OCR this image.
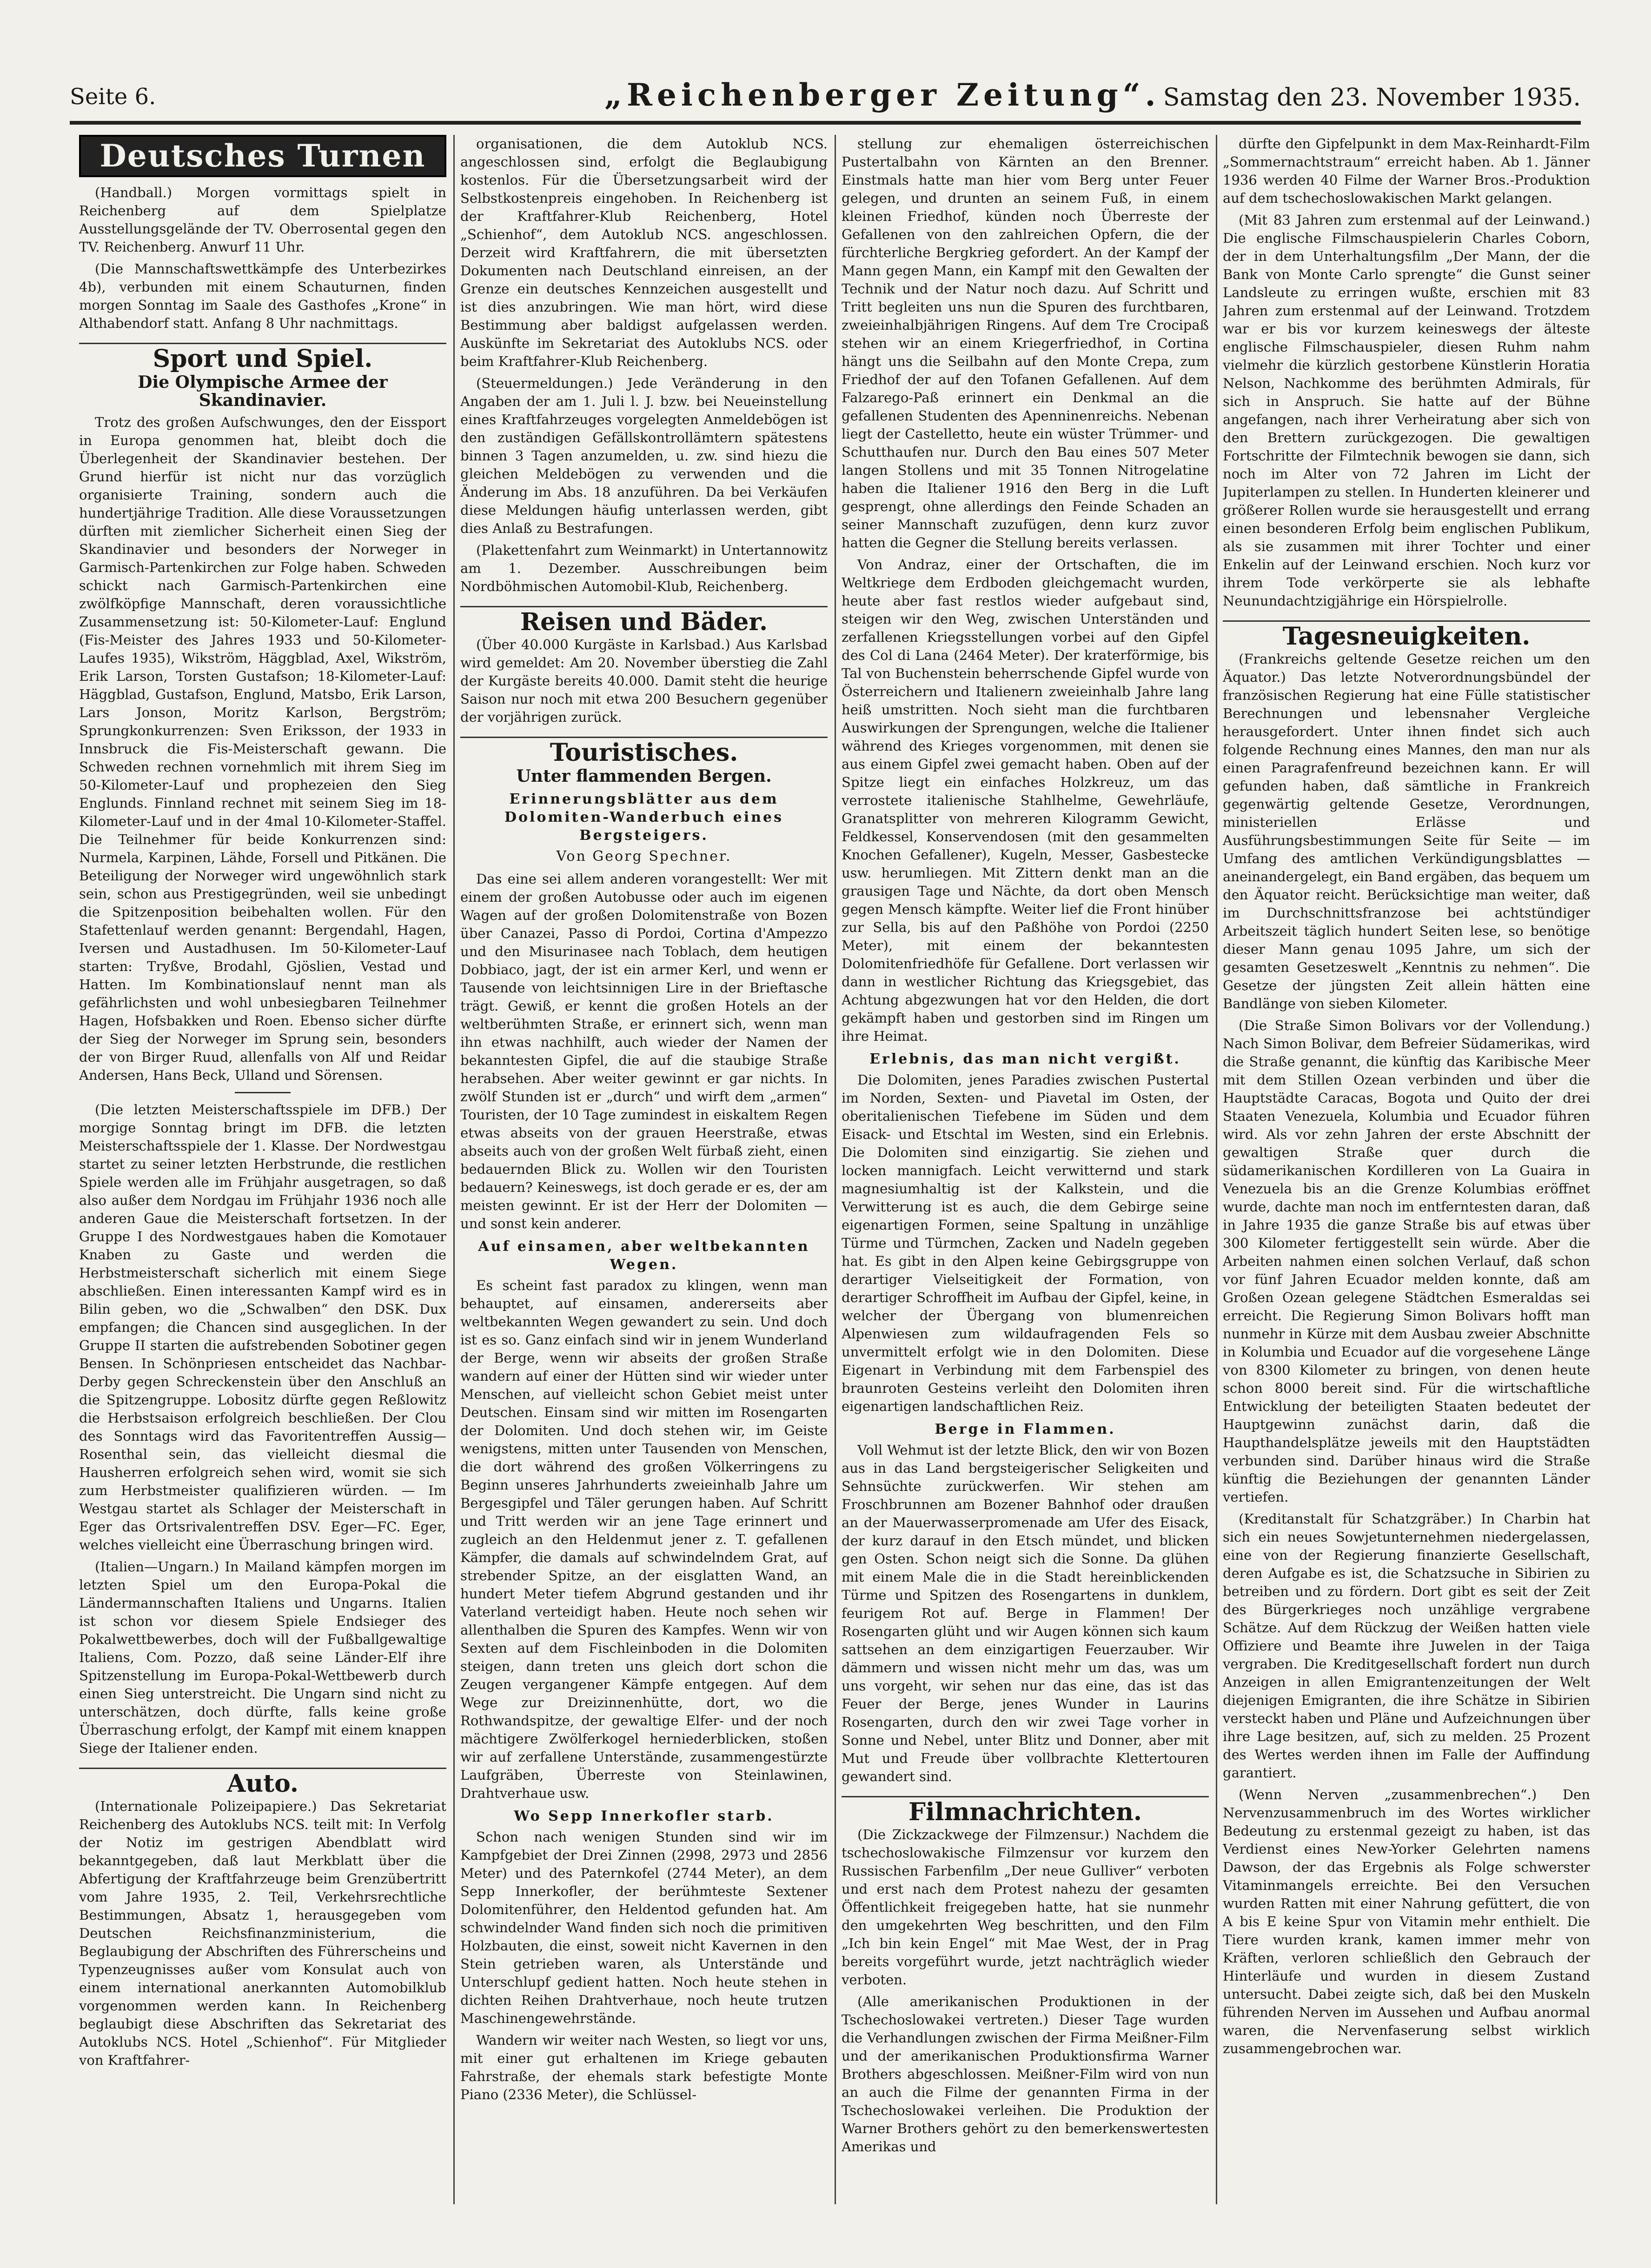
Seite 6.	„Reichenberger Zeitung“. Samstag den 23. November 1935.
Deutsches Turnen

(Handball.) Morgen vormittags spielt in Reichenberg auf dem Spielplatze Ausstellungsgelände der TV. Oberrosental gegen den TV. Reichenberg. Anwurf 11 Uhr.

(Die Mannschaftswettkämpfe des Unterbezirkes 4b), verbunden mit einem Schauturnen, finden morgen Sonntag im Saale des Gasthofes „Krone“ in Althabendorf statt. Anfang 8 Uhr nachmittags.

Sport und Spiel.
Die Olympische Armee der Skandinavier.

Trotz des großen Aufschwunges, den der Eissport in Europa genommen hat, bleibt doch die Überlegenheit der Skandinavier bestehen. Der Grund hierfür ist nicht nur das vorzüglich organisierte Training, sondern auch die hundertjährige Tradition. Alle diese Voraussetzungen dürften mit ziemlicher Sicherheit einen Sieg der Skandinavier und besonders der Norweger in Garmisch-Partenkirchen zur Folge haben. Schweden schickt nach Garmisch-Partenkirchen eine zwölfköpfige Mannschaft, deren voraussichtliche Zusammensetzung ist: 50-Kilometer-Lauf: Englund (Fis-Meister des Jahres 1933 und 50-Kilometer-Laufes 1935), Wikström, Häggblad, Axel, Wikström, Erik Larson, Torsten Gustafson; 18-Kilometer-Lauf: Häggblad, Gustafson, Englund, Matsbo, Erik Larson, Lars Jonson, Moritz Karlson, Bergström; Sprungkonkurrenzen: Sven Eriksson, der 1933 in Innsbruck die Fis-Meisterschaft gewann. Die Schweden rechnen vornehmlich mit ihrem Sieg im 50-Kilometer-Lauf und prophezeien den Sieg Englunds. Finnland rechnet mit seinem Sieg im 18-Kilometer-Lauf und in der 4mal 10-Kilometer-Staffel. Die Teilnehmer für beide Konkurrenzen sind: Nurmela, Karpinen, Lähde, Forsell und Pitkänen. Die Beteiligung der Norweger wird ungewöhnlich stark sein, schon aus Prestigegründen, weil sie unbedingt die Spitzenposition beibehalten wollen. Für den Stafettenlauf werden genannt: Bergendahl, Hagen, Iversen und Austadhusen. Im 50-Kilometer-Lauf starten: Tryßve, Brodahl, Gjöslien, Vestad und Hatten. Im Kombinationslauf nennt man als gefährlichsten und wohl unbesiegbaren Teilnehmer Hagen, Hofsbakken und Roen. Ebenso sicher dürfte der Sieg der Norweger im Sprung sein, besonders der von Birger Ruud, allenfalls von Alf und Reidar Andersen, Hans Beck, Ulland und Sörensen.

(Die letzten Meisterschaftsspiele im DFB.) Der morgige Sonntag bringt im DFB. die letzten Meisterschaftsspiele der 1. Klasse. Der Nordwestgau startet zu seiner letzten Herbstrunde, die restlichen Spiele werden alle im Frühjahr ausgetragen, so daß also außer dem Nordgau im Frühjahr 1936 noch alle anderen Gaue die Meisterschaft fortsetzen. In der Gruppe I des Nordwestgaues haben die Komotauer Knaben zu Gaste und werden die Herbstmeisterschaft sicherlich mit einem Siege abschließen. Einen interessanten Kampf wird es in Bilin geben, wo die „Schwalben“ den DSK. Dux empfangen; die Chancen sind ausgeglichen. In der Gruppe II starten die aufstrebenden Sobotiner gegen Bensen. In Schönpriesen entscheidet das Nachbar-Derby gegen Schreckenstein über den Anschluß an die Spitzengruppe. Lobositz dürfte gegen Reßlowitz die Herbstsaison erfolgreich beschließen. Der Clou des Sonntags wird das Favoritentreffen Aussig—Rosenthal sein, das vielleicht diesmal die Hausherren erfolgreich sehen wird, womit sie sich zum Herbstmeister qualifizieren würden. — Im Westgau startet als Schlager der Meisterschaft in Eger das Ortsrivalentreffen DSV. Eger—FC. Eger, welches vielleicht eine Überraschung bringen wird.

(Italien—Ungarn.) In Mailand kämpfen morgen im letzten Spiel um den Europa-Pokal die Ländermannschaften Italiens und Ungarns. Italien ist schon vor diesem Spiele Endsieger des Pokalwettbewerbes, doch will der Fußballgewaltige Italiens, Com. Pozzo, daß seine Länder-Elf ihre Spitzenstellung im Europa-Pokal-Wettbewerb durch einen Sieg unterstreicht. Die Ungarn sind nicht zu unterschätzen, doch dürfte, falls keine große Überraschung erfolgt, der Kampf mit einem knappen Siege der Italiener enden.

Auto.

(Internationale Polizeipapiere.) Das Sekretariat Reichenberg des Autoklubs NCS. teilt mit: In Verfolg der Notiz im gestrigen Abendblatt wird bekanntgegeben, daß laut Merkblatt über die Abfertigung der Kraftfahrzeuge beim Grenzübertritt vom Jahre 1935, 2. Teil, Verkehrsrechtliche Bestimmungen, Absatz 1, herausgegeben vom Deutschen Reichsfinanzministerium, die Beglaubigung der Abschriften des Führerscheins und Typenzeugnisses außer vom Konsulat auch von einem international anerkannten Automobilklub vorgenommen werden kann. In Reichenberg beglaubigt diese Abschriften das Sekretariat des Autoklubs NCS. Hotel „Schienhof“. Für Mitglieder von Kraftfahrer-

organisationen, die dem Autoklub NCS. angeschlossen sind, erfolgt die Beglaubigung kostenlos. Für die Übersetzungsarbeit wird der Selbstkostenpreis eingehoben. In Reichenberg ist der Kraftfahrer-Klub Reichenberg, Hotel „Schienhof“, dem Autoklub NCS. angeschlossen. Derzeit wird Kraftfahrern, die mit übersetzten Dokumenten nach Deutschland einreisen, an der Grenze ein deutsches Kennzeichen ausgestellt und ist dies anzubringen. Wie man hört, wird diese Bestimmung aber baldigst aufgelassen werden. Auskünfte im Sekretariat des Autoklubs NCS. oder beim Kraftfahrer-Klub Reichenberg.

(Steuermeldungen.) Jede Veränderung in den Angaben der am 1. Juli l. J. bzw. bei Neueinstellung eines Kraftfahrzeuges vorgelegten Anmeldebögen ist den zuständigen Gefällskontrollämtern spätestens binnen 3 Tagen anzumelden, u. zw. sind hiezu die gleichen Meldebögen zu verwenden und die Änderung im Abs. 18 anzuführen. Da bei Verkäufen diese Meldungen häufig unterlassen werden, gibt dies Anlaß zu Bestrafungen.

(Plakettenfahrt zum Weinmarkt) in Untertannowitz am 1. Dezember. Ausschreibungen beim Nordböhmischen Automobil-Klub, Reichenberg.

Reisen und Bäder.

(Über 40.000 Kurgäste in Karlsbad.) Aus Karlsbad wird gemeldet: Am 20. November überstieg die Zahl der Kurgäste bereits 40.000. Damit steht die heurige Saison nur noch mit etwa 200 Besuchern gegenüber der vorjährigen zurück.

Touristisches.
Unter flammenden Bergen.
Erinnerungsblätter aus dem Dolomiten-Wanderbuch eines Bergsteigers.
Von Georg Spechner.

Das eine sei allem anderen vorangestellt: Wer mit einem der großen Autobusse oder auch im eigenen Wagen auf der großen Dolomitenstraße von Bozen über Canazei, Passo di Pordoi, Cortina d'Ampezzo und den Misurinasee nach Toblach, dem heutigen Dobbiaco, jagt, der ist ein armer Kerl, und wenn er Tausende von leichtsinnigen Lire in der Brieftasche trägt. Gewiß, er kennt die großen Hotels an der weltberühmten Straße, er erinnert sich, wenn man ihn etwas nachhilft, auch wieder der Namen der bekanntesten Gipfel, die auf die staubige Straße herabsehen. Aber weiter gewinnt er gar nichts. In zwölf Stunden ist er „durch“ und wirft dem „armen“ Touristen, der 10 Tage zumindest in eiskaltem Regen etwas abseits von der grauen Heerstraße, etwas abseits auch von der großen Welt fürbaß zieht, einen bedauernden Blick zu. Wollen wir den Touristen bedauern? Keineswegs, ist doch gerade er es, der am meisten gewinnt. Er ist der Herr der Dolomiten — und sonst kein anderer.

Auf einsamen, aber weltbekannten Wegen.

Es scheint fast paradox zu klingen, wenn man behauptet, auf einsamen, andererseits aber weltbekannten Wegen gewandert zu sein. Und doch ist es so. Ganz einfach sind wir in jenem Wunderland der Berge, wenn wir abseits der großen Straße wandern auf einer der Hütten sind wir wieder unter Menschen, auf vielleicht schon Gebiet meist unter Deutschen. Einsam sind wir mitten im Rosengarten der Dolomiten. Und doch stehen wir, im Geiste wenigstens, mitten unter Tausenden von Menschen, die dort während des großen Völkerringens zu Beginn unseres Jahrhunderts zweieinhalb Jahre um Bergesgipfel und Täler gerungen haben. Auf Schritt und Tritt werden wir an jene Tage erinnert und zugleich an den Heldenmut jener z. T. gefallenen Kämpfer, die damals auf schwindelndem Grat, auf strebender Spitze, an der eisglatten Wand, an hundert Meter tiefem Abgrund gestanden und ihr Vaterland verteidigt haben. Heute noch sehen wir allenthalben die Spuren des Kampfes. Wenn wir von Sexten auf dem Fischleinboden in die Dolomiten steigen, dann treten uns gleich dort schon die Zeugen vergangener Kämpfe entgegen. Auf dem Wege zur Dreizinnenhütte, dort, wo die Rothwandspitze, der gewaltige Elfer- und der noch mächtigere Zwölferkogel herniederblicken, stoßen wir auf zerfallene Unterstände, zusammengestürzte Laufgräben, Überreste von Steinlawinen, Drahtverhaue usw.

Wo Sepp Innerkofler starb.

Schon nach wenigen Stunden sind wir im Kampfgebiet der Drei Zinnen (2998, 2973 und 2856 Meter) und des Paternkofel (2744 Meter), an dem Sepp Innerkofler, der berühmteste Sextener Dolomitenführer, den Heldentod gefunden hat. Am schwindelnder Wand finden sich noch die primitiven Holzbauten, die einst, soweit nicht Kavernen in den Stein getrieben waren, als Unterstände und Unterschlupf gedient hatten. Noch heute stehen in dichten Reihen Drahtverhaue, noch heute trutzen Maschinengewehrstände.

Wandern wir weiter nach Westen, so liegt vor uns, mit einer gut erhaltenen im Kriege gebauten Fahrstraße, der ehemals stark befestigte Monte Piano (2336 Meter), die Schlüssel-

stellung zur ehemaligen österreichischen Pustertalbahn von Kärnten an den Brenner. Einstmals hatte man hier vom Berg unter Feuer gelegen, und drunten an seinem Fuß, in einem kleinen Friedhof, künden noch Überreste der Gefallenen von den zahlreichen Opfern, die der fürchterliche Bergkrieg gefordert. An der Kampf der Mann gegen Mann, ein Kampf mit den Gewalten der Technik und der Natur noch dazu. Auf Schritt und Tritt begleiten uns nun die Spuren des furchtbaren, zweieinhalbjährigen Ringens. Auf dem Tre Crocipaß stehen wir an einem Kriegerfriedhof, in Cortina hängt uns die Seilbahn auf den Monte Crepa, zum Friedhof der auf den Tofanen Gefallenen. Auf dem Falzarego-Paß erinnert ein Denkmal an die gefallenen Studenten des Apenninenreichs. Nebenan liegt der Castelletto, heute ein wüster Trümmer- und Schutthaufen nur. Durch den Bau eines 507 Meter langen Stollens und mit 35 Tonnen Nitrogelatine haben die Italiener 1916 den Berg in die Luft gesprengt, ohne allerdings den Feinde Schaden an seiner Mannschaft zuzufügen, denn kurz zuvor hatten die Gegner die Stellung bereits verlassen.

Von Andraz, einer der Ortschaften, die im Weltkriege dem Erdboden gleichgemacht wurden, heute aber fast restlos wieder aufgebaut sind, steigen wir den Weg, zwischen Unterständen und zerfallenen Kriegsstellungen vorbei auf den Gipfel des Col di Lana (2464 Meter). Der kraterförmige, bis Tal von Buchenstein beherrschende Gipfel wurde von Österreichern und Italienern zweieinhalb Jahre lang heiß umstritten. Noch sieht man die furchtbaren Auswirkungen der Sprengungen, welche die Italiener während des Krieges vorgenommen, mit denen sie aus einem Gipfel zwei gemacht haben. Oben auf der Spitze liegt ein einfaches Holzkreuz, um das verrostete italienische Stahlhelme, Gewehrläufe, Granatsplitter von mehreren Kilogramm Gewicht, Feldkessel, Konservendosen (mit den gesammelten Knochen Gefallener), Kugeln, Messer, Gasbestecke usw. herumliegen. Mit Zittern denkt man an die grausigen Tage und Nächte, da dort oben Mensch gegen Mensch kämpfte. Weiter lief die Front hinüber zur Sella, bis auf den Paßhöhe von Pordoi (2250 Meter), mit einem der bekanntesten Dolomitenfriedhöfe für Gefallene. Dort verlassen wir dann in westlicher Richtung das Kriegsgebiet, das Achtung abgezwungen hat vor den Helden, die dort gekämpft haben und gestorben sind im Ringen um ihre Heimat.

Erlebnis, das man nicht vergißt.

Die Dolomiten, jenes Paradies zwischen Pustertal im Norden, Sexten- und Piavetal im Osten, der oberitalienischen Tiefebene im Süden und dem Eisack- und Etschtal im Westen, sind ein Erlebnis. Die Dolomiten sind einzigartig. Sie ziehen und locken mannigfach. Leicht verwitternd und stark magnesiumhaltig ist der Kalkstein, und die Verwitterung ist es auch, die dem Gebirge seine eigenartigen Formen, seine Spaltung in unzählige Türme und Türmchen, Zacken und Nadeln gegeben hat. Es gibt in den Alpen keine Gebirgsgruppe von derartiger Vielseitigkeit der Formation, von derartiger Schroffheit im Aufbau der Gipfel, keine, in welcher der Übergang von blumenreichen Alpenwiesen zum wildaufragenden Fels so unvermittelt erfolgt wie in den Dolomiten. Diese Eigenart in Verbindung mit dem Farbenspiel des braunroten Gesteins verleiht den Dolomiten ihren eigenartigen landschaftlichen Reiz.

Berge in Flammen.

Voll Wehmut ist der letzte Blick, den wir von Bozen aus in das Land bergsteigerischer Seligkeiten und Sehnsüchte zurückwerfen. Wir stehen am Froschbrunnen am Bozener Bahnhof oder draußen an der Mauerwasserpromenade am Ufer des Eisack, der kurz darauf in den Etsch mündet, und blicken gen Osten. Schon neigt sich die Sonne. Da glühen mit einem Male die in die Stadt hereinblickenden Türme und Spitzen des Rosengartens in dunklem, feurigem Rot auf. Berge in Flammen! Der Rosengarten glüht und wir Augen können sich kaum sattsehen an dem einzigartigen Feuerzauber. Wir dämmern und wissen nicht mehr um das, was um uns vorgeht, wir sehen nur das eine, das ist das Feuer der Berge, jenes Wunder in Laurins Rosengarten, durch den wir zwei Tage vorher in Sonne und Nebel, unter Blitz und Donner, aber mit Mut und Freude über vollbrachte Klettertouren gewandert sind.

Filmnachrichten.

(Die Zickzackwege der Filmzensur.) Nachdem die tschechoslowakische Filmzensur vor kurzem den Russischen Farbenfilm „Der neue Gulliver“ verboten und erst nach dem Protest nahezu der gesamten Öffentlichkeit freigegeben hatte, hat sie nunmehr den umgekehrten Weg beschritten, und den Film „Ich bin kein Engel“ mit Mae West, der in Prag bereits vorgeführt wurde, jetzt nachträglich wieder verboten.

(Alle amerikanischen Produktionen in der Tschechoslowakei vertreten.) Dieser Tage wurden die Verhandlungen zwischen der Firma Meißner-Film und der amerikanischen Produktionsfirma Warner Brothers abgeschlossen. Meißner-Film wird von nun an auch die Filme der genannten Firma in der Tschechoslowakei verleihen. Die Produktion der Warner Brothers gehört zu den bemerkenswertesten Amerikas und

dürfte den Gipfelpunkt in dem Max-Reinhardt-Film „Sommernachtstraum“ erreicht haben. Ab 1. Jänner 1936 werden 40 Filme der Warner Bros.-Produktion auf dem tschechoslowakischen Markt gelangen.

(Mit 83 Jahren zum erstenmal auf der Leinwand.) Die englische Filmschauspielerin Charles Coborn, der in dem Unterhaltungsfilm „Der Mann, der die Bank von Monte Carlo sprengte“ die Gunst seiner Landsleute zu erringen wußte, erschien mit 83 Jahren zum erstenmal auf der Leinwand. Trotzdem war er bis vor kurzem keineswegs der älteste englische Filmschauspieler, diesen Ruhm nahm vielmehr die kürzlich gestorbene Künstlerin Horatia Nelson, Nachkomme des berühmten Admirals, für sich in Anspruch. Sie hatte auf der Bühne angefangen, nach ihrer Verheiratung aber sich von den Brettern zurückgezogen. Die gewaltigen Fortschritte der Filmtechnik bewogen sie dann, sich noch im Alter von 72 Jahren im Licht der Jupiterlampen zu stellen. In Hunderten kleinerer und größerer Rollen wurde sie herausgestellt und errang einen besonderen Erfolg beim englischen Publikum, als sie zusammen mit ihrer Tochter und einer Enkelin auf der Leinwand erschien. Noch kurz vor ihrem Tode verkörperte sie als lebhafte Neunundachtzigjährige ein Hörspielrolle.

Tagesneuigkeiten.

(Frankreichs geltende Gesetze reichen um den Äquator.) Das letzte Notverordnungsbündel der französischen Regierung hat eine Fülle statistischer Berechnungen und lebensnaher Vergleiche herausgefordert. Unter ihnen findet sich auch folgende Rechnung eines Mannes, den man nur als einen Paragrafenfreund bezeichnen kann. Er will gefunden haben, daß sämtliche in Frankreich gegenwärtig geltende Gesetze, Verordnungen, ministeriellen Erlässe und Ausführungsbestimmungen Seite für Seite — im Umfang des amtlichen Verkündigungsblattes — aneinandergelegt, ein Band ergäben, das bequem um den Äquator reicht. Berücksichtige man weiter, daß im Durchschnittsfranzose bei achtstündiger Arbeitszeit täglich hundert Seiten lese, so benötige dieser Mann genau 1095 Jahre, um sich der gesamten Gesetzeswelt „Kenntnis zu nehmen“. Die Gesetze der jüngsten Zeit allein hätten eine Bandlänge von sieben Kilometer.

(Die Straße Simon Bolivars vor der Vollendung.) Nach Simon Bolivar, dem Befreier Südamerikas, wird die Straße genannt, die künftig das Karibische Meer mit dem Stillen Ozean verbinden und über die Hauptstädte Caracas, Bogota und Quito der drei Staaten Venezuela, Kolumbia und Ecuador führen wird. Als vor zehn Jahren der erste Abschnitt der gewaltigen Straße quer durch die südamerikanischen Kordilleren von La Guaira in Venezuela bis an die Grenze Kolumbias eröffnet wurde, dachte man noch im entferntesten daran, daß in Jahre 1935 die ganze Straße bis auf etwas über 300 Kilometer fertiggestellt sein würde. Aber die Arbeiten nahmen einen solchen Verlauf, daß schon vor fünf Jahren Ecuador melden konnte, daß am Großen Ozean gelegene Städtchen Esmeraldas sei erreicht. Die Regierung Simon Bolivars hofft man nunmehr in Kürze mit dem Ausbau zweier Abschnitte in Kolumbia und Ecuador auf die vorgesehene Länge von 8300 Kilometer zu bringen, von denen heute schon 8000 bereit sind. Für die wirtschaftliche Entwicklung der beteiligten Staaten bedeutet der Hauptgewinn zunächst darin, daß die Haupthandelsplätze jeweils mit den Hauptstädten verbunden sind. Darüber hinaus wird die Straße künftig die Beziehungen der genannten Länder vertiefen.

(Kreditanstalt für Schatzgräber.) In Charbin hat sich ein neues Sowjetunternehmen niedergelassen, eine von der Regierung finanzierte Gesellschaft, deren Aufgabe es ist, die Schatzsuche in Sibirien zu betreiben und zu fördern. Dort gibt es seit der Zeit des Bürgerkrieges noch unzählige vergrabene Schätze. Auf dem Rückzug der Weißen hatten viele Offiziere und Beamte ihre Juwelen in der Taiga vergraben. Die Kreditgesellschaft fordert nun durch Anzeigen in allen Emigrantenzeitungen der Welt diejenigen Emigranten, die ihre Schätze in Sibirien versteckt haben und Pläne und Aufzeichnungen über ihre Lage besitzen, auf, sich zu melden. 25 Prozent des Wertes werden ihnen im Falle der Auffindung garantiert.

(Wenn Nerven „zusammenbrechen“.) Den Nervenzusammenbruch im des Wortes wirklicher Bedeutung zu erstenmal gezeigt zu haben, ist das Verdienst eines New-Yorker Gelehrten namens Dawson, der das Ergebnis als Folge schwerster Vitaminmangels erreichte. Bei den Versuchen wurden Ratten mit einer Nahrung gefüttert, die von A bis E keine Spur von Vitamin mehr enthielt. Die Tiere wurden krank, kamen immer mehr von Kräften, verloren schließlich den Gebrauch der Hinterläufe und wurden in diesem Zustand untersucht. Dabei zeigte sich, daß bei den Muskeln führenden Nerven im Aussehen und Aufbau anormal waren, die Nervenfaserung selbst wirklich zusammengebrochen war.
